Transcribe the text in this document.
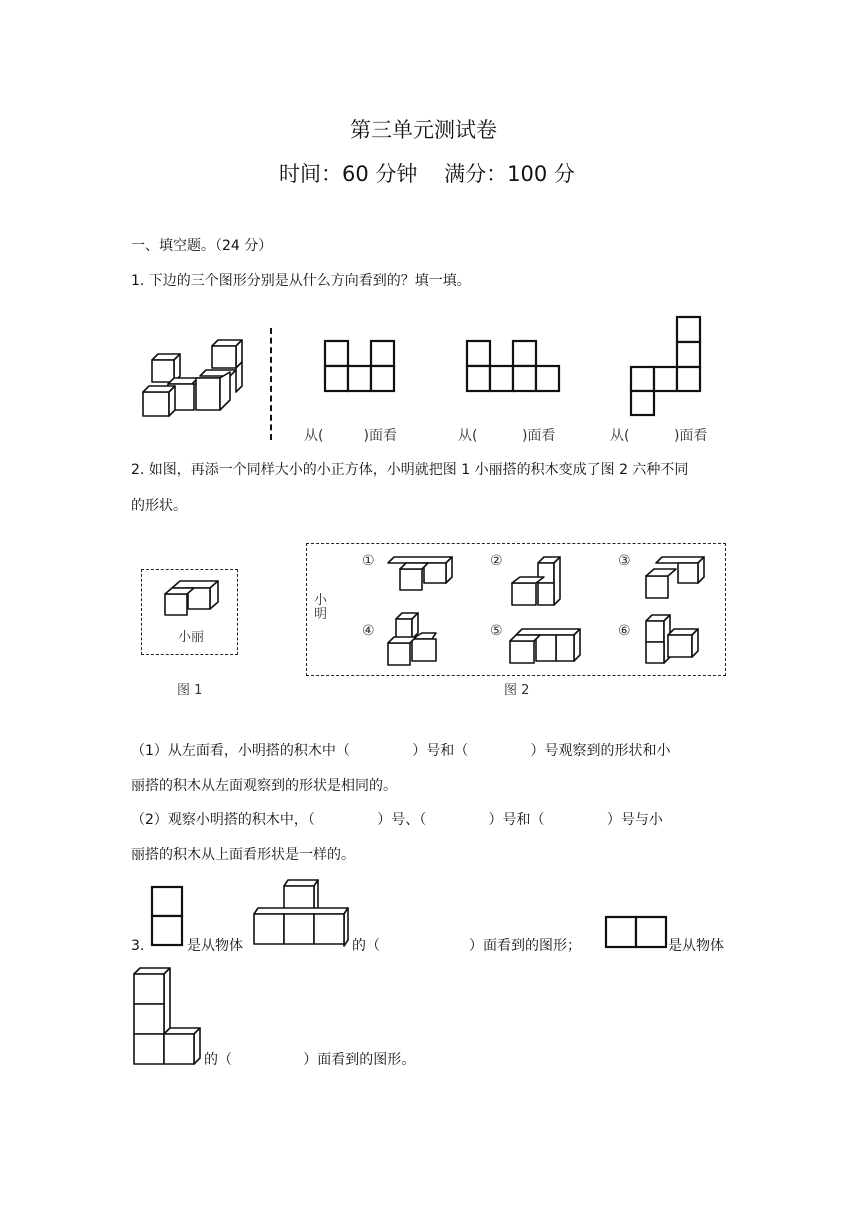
第三单元测试卷
时间：60 分钟    满分：100 分
一、填空题。（24 分）
1. 下边的三个图形分别是从什么方向看到的？填一填。
从(         )面看	从(          )面看	从(          )面看
2. 如图，再添一个同样大小的小正方体，小明就把图 1 小丽搭的积木变成了图 2 六种不同
的形状。
小丽
图 1
小明
图 2
①	②	③
④	⑤	⑥
（1）从左面看，小明搭的积木中（              ）号和（              ）号观察到的形状和小
丽搭的积木从左面观察到的形状是相同的。
（2）观察小明搭的积木中，（              ）号、（              ）号和（              ）号与小
丽搭的积木从上面看形状是一样的。
3.	是从物体	的（                    ）面看到的图形；	是从物体
的（                ）面看到的图形。
